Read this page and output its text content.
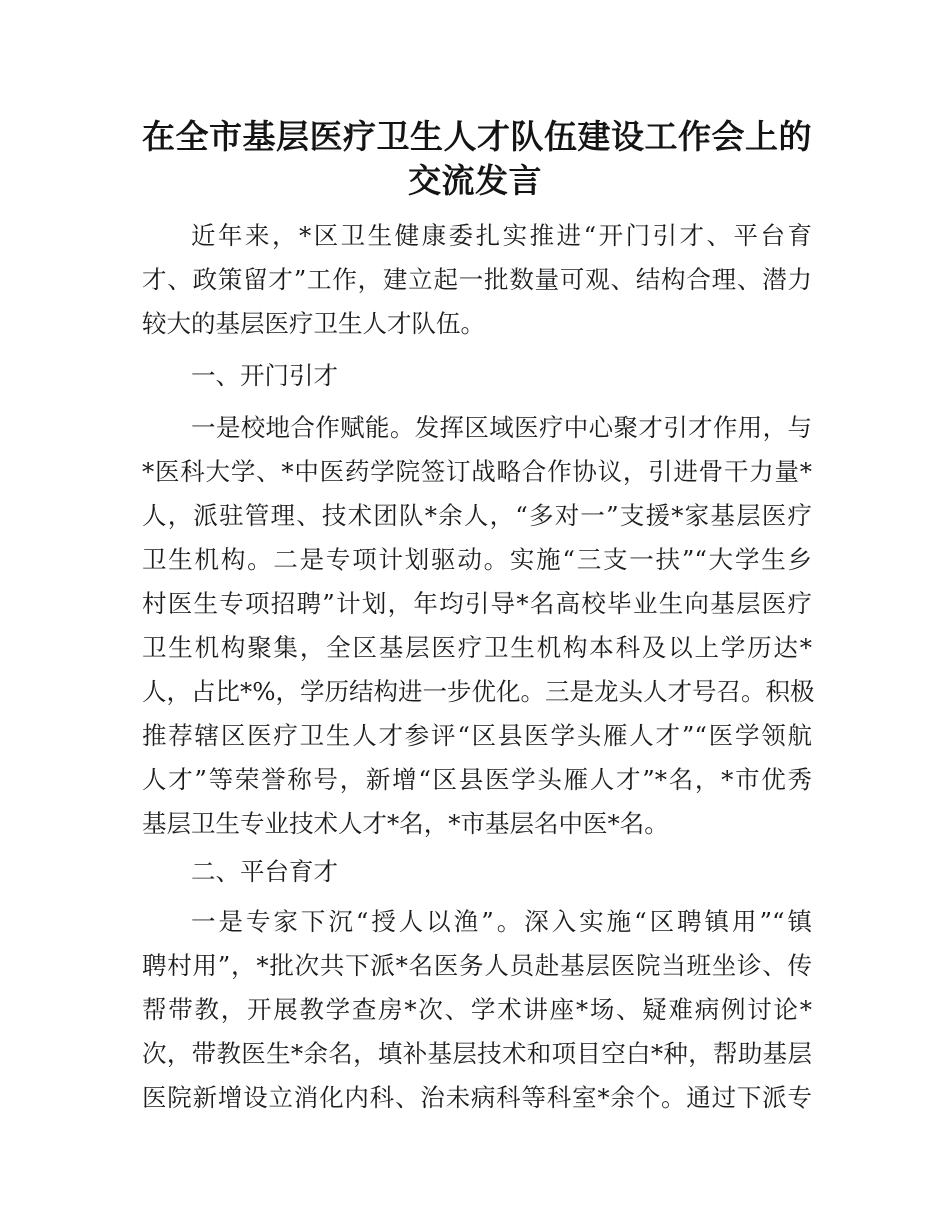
在全市基层医疗卫生人才队伍建设工作会上的
交流发言
近年来，*区卫生健康委扎实推进“开门引才、平台育
才、政策留才”工作，建立起一批数量可观、结构合理、潜力
较大的基层医疗卫生人才队伍。
一、开门引才
一是校地合作赋能。发挥区域医疗中心聚才引才作用，与
*医科大学、*中医药学院签订战略合作协议，引进骨干力量*
人，派驻管理、技术团队*余人，“多对一”支援*家基层医疗
卫生机构。二是专项计划驱动。实施“三支一扶”“大学生乡
村医生专项招聘”计划，年均引导*名高校毕业生向基层医疗
卫生机构聚集，全区基层医疗卫生机构本科及以上学历达*
人，占比*%，学历结构进一步优化。三是龙头人才号召。积极
推荐辖区医疗卫生人才参评“区县医学头雁人才”“医学领航
人才”等荣誉称号，新增“区县医学头雁人才”*名，*市优秀
基层卫生专业技术人才*名，*市基层名中医*名。
二、平台育才
一是专家下沉“授人以渔”。深入实施“区聘镇用”“镇
聘村用”，*批次共下派*名医务人员赴基层医院当班坐诊、传
帮带教，开展教学查房*次、学术讲座*场、疑难病例讨论*
次，带教医生*余名，填补基层技术和项目空白*种，帮助基层
医院新增设立消化内科、治未病科等科室*余个。通过下派专
